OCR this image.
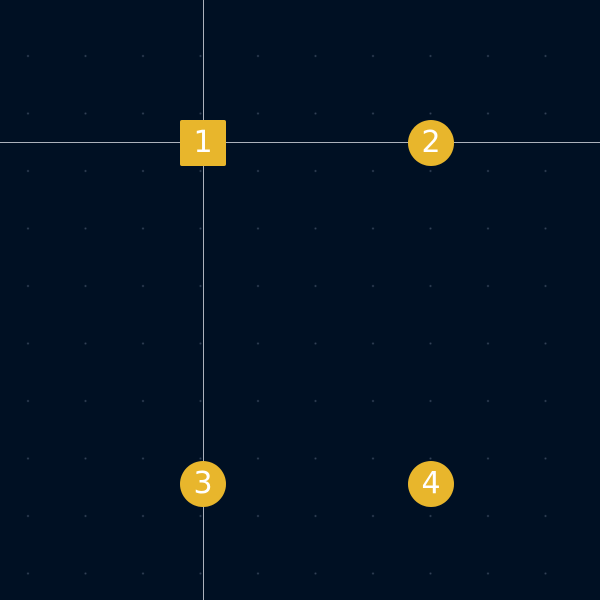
1	2
3	4
